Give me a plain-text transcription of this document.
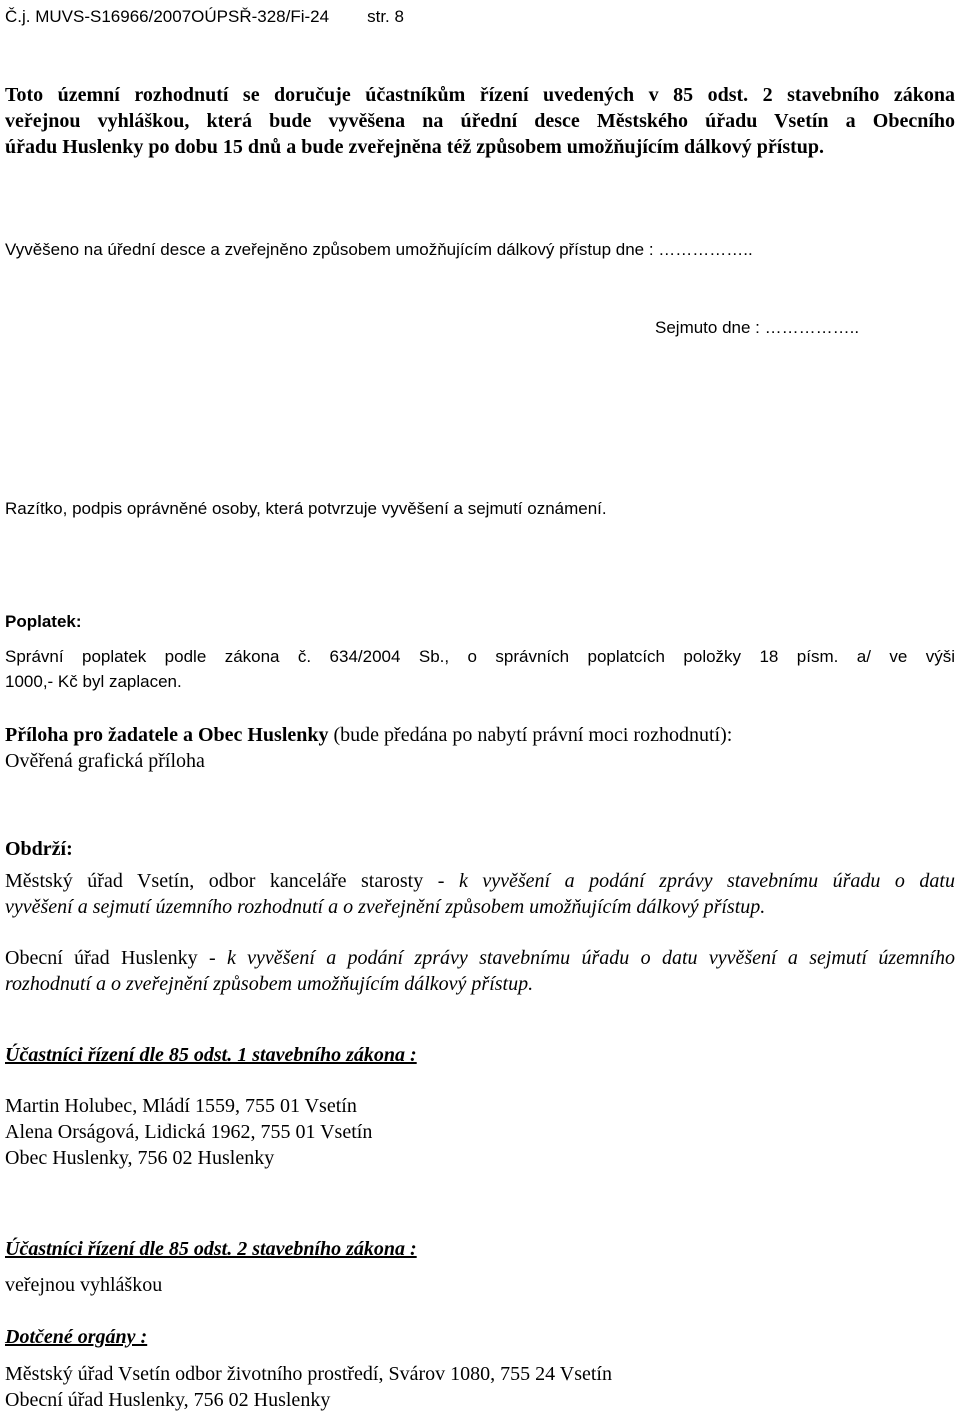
Č.j. MUVS-S16966/2007OÚPSŘ-328/Fi-24 str. 8
Toto územní rozhodnutí se doručuje účastníkům řízení uvedených v 85 odst. 2 stavebního zákona
veřejnou vyhláškou, která bude vyvěšena na úřední desce Městského úřadu Vsetín a Obecního
úřadu Huslenky po dobu 15 dnů a bude zveřejněna též způsobem umožňujícím dálkový přístup.
Vyvěšeno na úřední desce a zveřejněno způsobem umožňujícím dálkový přístup dne : ……………..
Sejmuto dne : ……………..
Razítko, podpis oprávněné osoby, která potvrzuje vyvěšení a sejmutí oznámení.
Poplatek:
Správní poplatek podle zákona č. 634/2004 Sb., o správních poplatcích položky 18 písm. a/ ve výši
1000,- Kč byl zaplacen.
Příloha pro žadatele a Obec Huslenky (bude předána po nabytí právní moci rozhodnutí):
Ověřená grafická příloha
Obdrží:
Městský úřad Vsetín, odbor kanceláře starosty - k vyvěšení a podání zprávy stavebnímu úřadu o datu
vyvěšení a sejmutí územního rozhodnutí a o zveřejnění způsobem umožňujícím dálkový přístup.
Obecní úřad Huslenky - k vyvěšení a podání zprávy stavebnímu úřadu o datu vyvěšení a sejmutí územního
rozhodnutí a o zveřejnění způsobem umožňujícím dálkový přístup.
Účastníci řízení dle 85 odst. 1 stavebního zákona :
Martin Holubec, Mládí 1559, 755 01 Vsetín
Alena Orságová, Lidická 1962, 755 01 Vsetín
Obec Huslenky, 756 02 Huslenky
Účastníci řízení dle 85 odst. 2 stavebního zákona :
veřejnou vyhláškou
Dotčené orgány :
Městský úřad Vsetín odbor životního prostředí, Svárov 1080, 755 24 Vsetín
Obecní úřad Huslenky, 756 02 Huslenky
